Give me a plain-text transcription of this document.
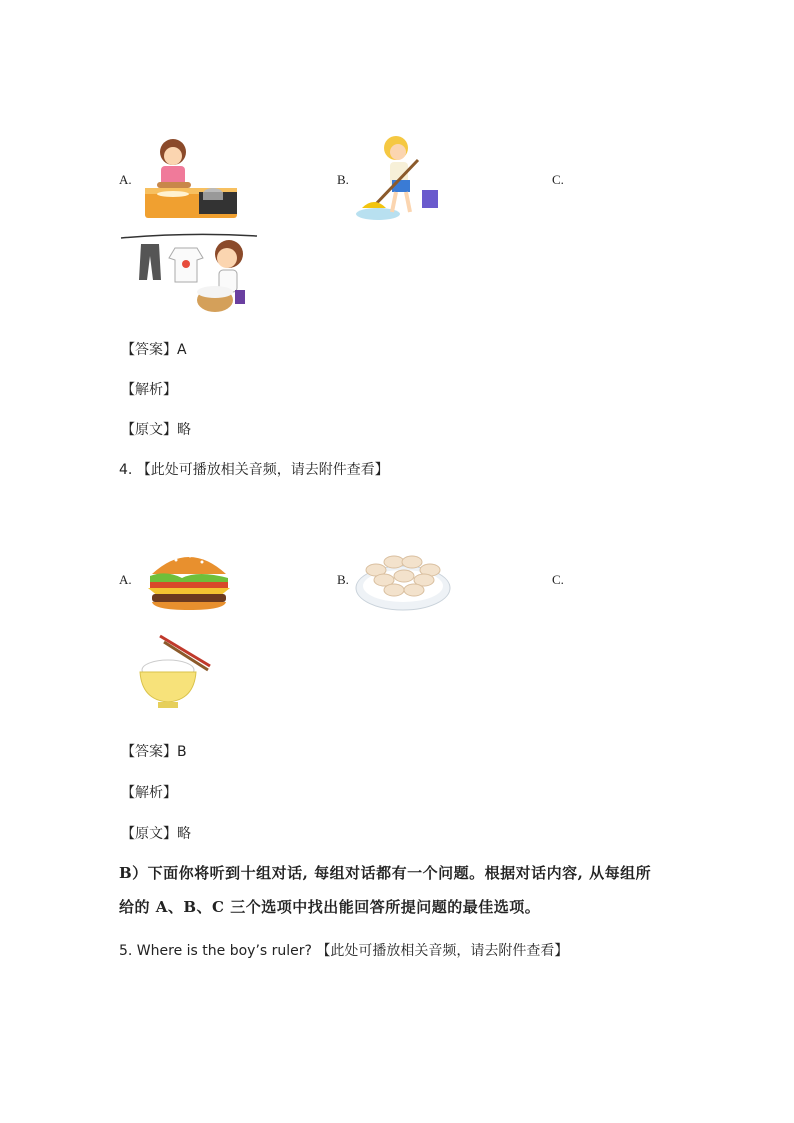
A.	B.	C.
【答案】A
【解析】
【原文】略
4. 【此处可播放相关音频，请去附件查看】
A.	B.	C.
【答案】B
【解析】
【原文】略
B）下面你将听到十组对话, 每组对话都有一个问题。根据对话内容, 从每组所
给的 A、B、C 三个选项中找出能回答所提问题的最佳选项。
5. Where is the boy’s ruler? 【此处可播放相关音频，请去附件查看】
